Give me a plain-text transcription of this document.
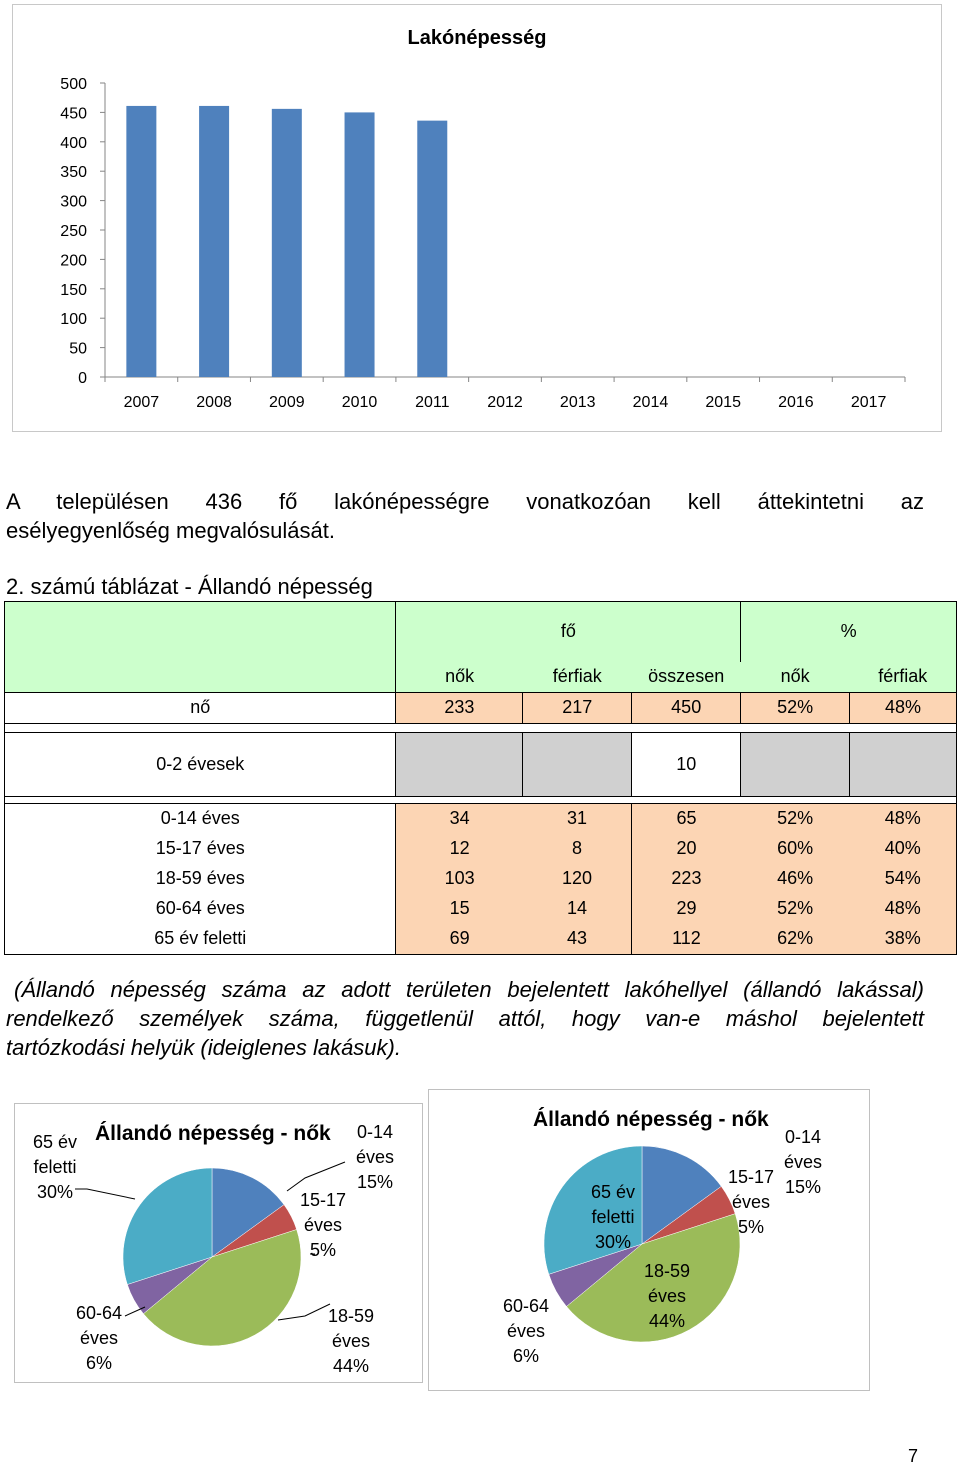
Lakónépesség
0
50
100
150
200
250
300
350
400
450
500
2007 2008 2009 2010 2011 2012 2013 2014 2015 2016 2017
A településen 436 fő lakónépességre vonatkozóan kell áttekintetni az
esélyegyenlőség megvalósulását.
2. számú táblázat - Állandó népesség
	fő			%	
	nők	férfiak	összesen	nők	férfiak
nő	233	217	450	52%	48%

0-2 évesek			10		

0-14 éves	34	31	65	52%	48%
15-17 éves	12	8	20	60%	40%
18-59 éves	103	120	223	46%	54%
60-64 éves	15	14	29	52%	48%
65 év feletti	69	43	112	62%	38%
(Állandó népesség száma az adott területen bejelentett lakóhellyel (állandó lakással)
rendelkező személyek száma, függetlenül attól, hogy van-e máshol bejelentett
tartózkodási helyük (ideiglenes lakásuk).
Állandó népesség - nők	0-14
éves
15%
15-17
éves
5%
18-59
éves
44%
60-64
éves
6%
65 év
feletti
30%
Állandó népesség - nők
0-14
éves
15%
15-17
éves
5%
18-59
éves
44%
60-64
éves
6%
65 év
feletti
30%
7
